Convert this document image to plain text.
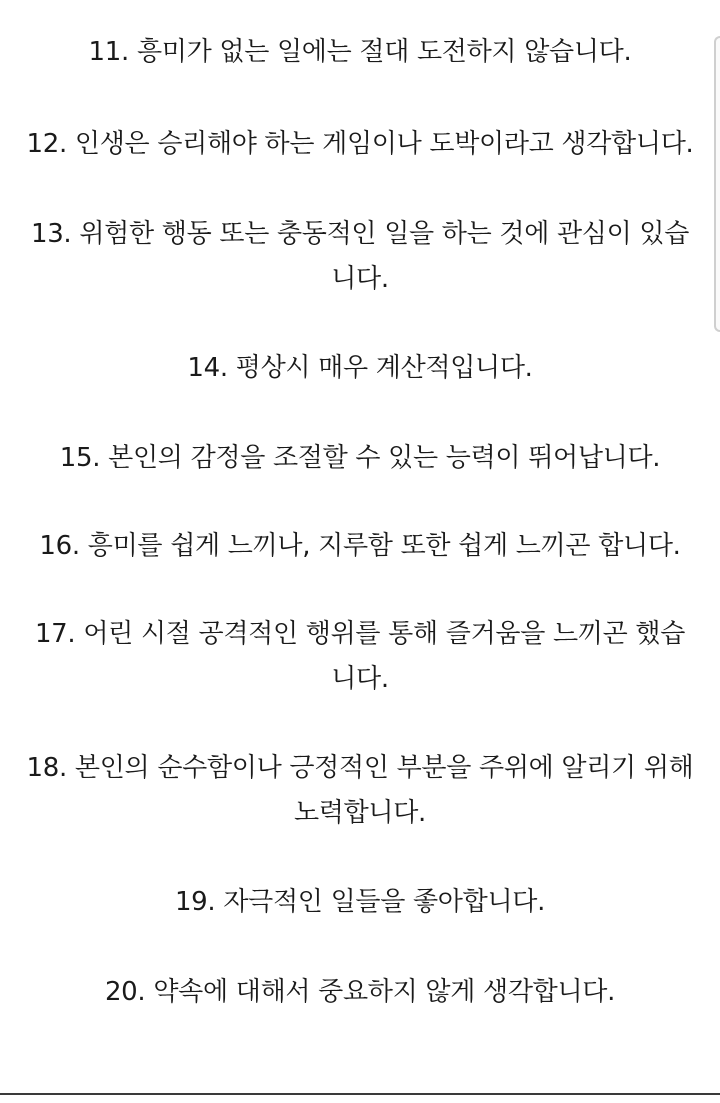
11. 흥미가 없는 일에는 절대 도전하지 않습니다.
12. 인생은 승리해야 하는 게임이나 도박이라고 생각합니다.
13. 위험한 행동 또는 충동적인 일을 하는 것에 관심이 있습
니다.
14. 평상시 매우 계산적입니다.
15. 본인의 감정을 조절할 수 있는 능력이 뛰어납니다.
16. 흥미를 쉽게 느끼나, 지루함 또한 쉽게 느끼곤 합니다.
17. 어린 시절 공격적인 행위를 통해 즐거움을 느끼곤 했습
니다.
18. 본인의 순수함이나 긍정적인 부분을 주위에 알리기 위해
노력합니다.
19. 자극적인 일들을 좋아합니다.
20. 약속에 대해서 중요하지 않게 생각합니다.
